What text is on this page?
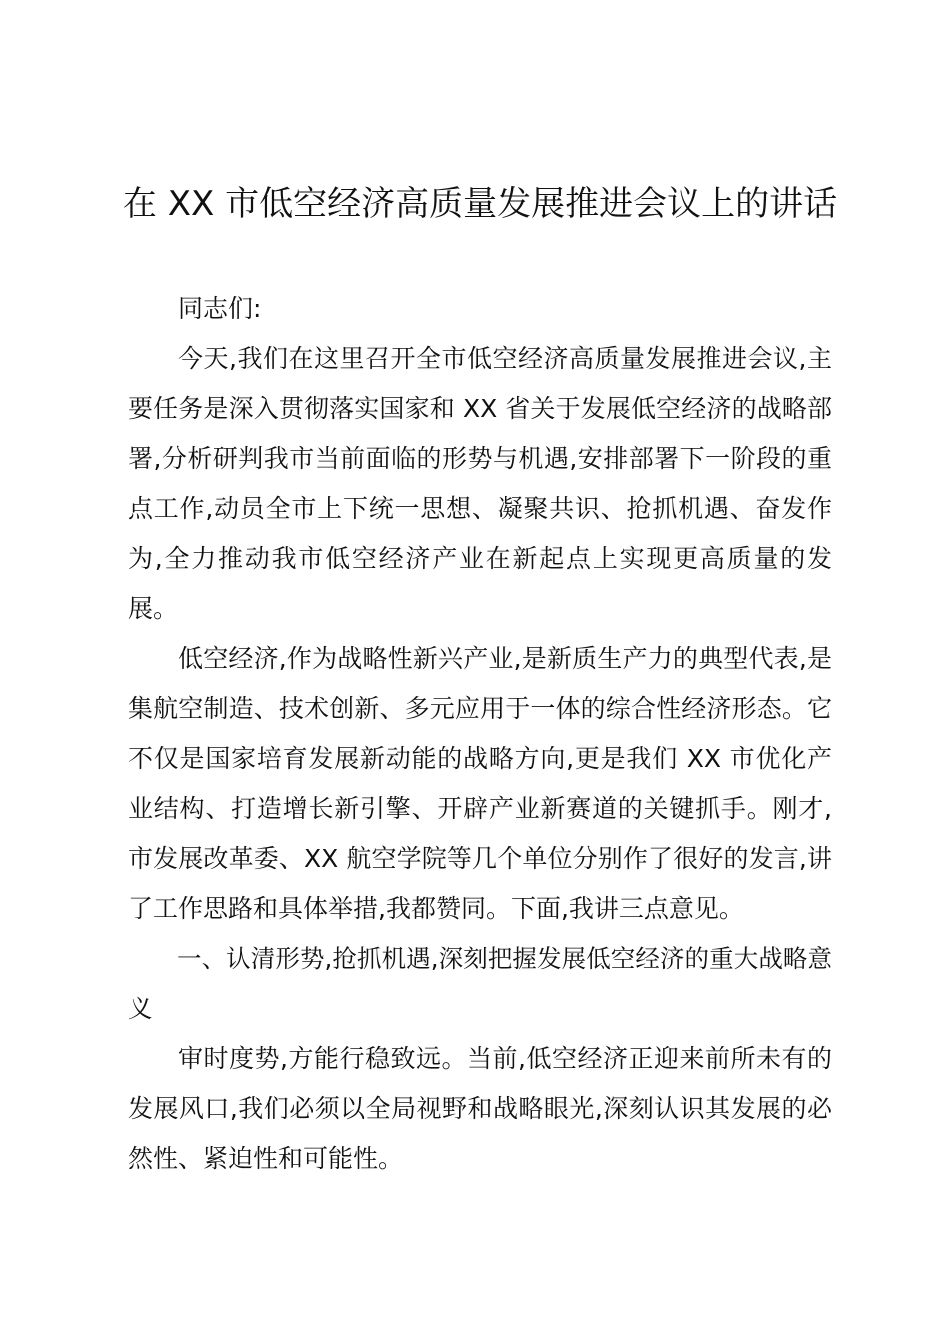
在 XX 市低空经济高质量发展推进会议上的讲话

同志们:

今天,我们在这里召开全市低空经济高质量发展推进会议,主要任务是深入贯彻落实国家和 XX 省关于发展低空经济的战略部署,分析研判我市当前面临的形势与机遇,安排部署下一阶段的重点工作,动员全市上下统一思想、凝聚共识、抢抓机遇、奋发作为,全力推动我市低空经济产业在新起点上实现更高质量的发展。

低空经济,作为战略性新兴产业,是新质生产力的典型代表,是集航空制造、技术创新、多元应用于一体的综合性经济形态。它不仅是国家培育发展新动能的战略方向,更是我们 XX 市优化产业结构、打造增长新引擎、开辟产业新赛道的关键抓手。刚才,市发展改革委、XX 航空学院等几个单位分别作了很好的发言,讲了工作思路和具体举措,我都赞同。下面,我讲三点意见。

一、认清形势,抢抓机遇,深刻把握发展低空经济的重大战略意义

审时度势,方能行稳致远。当前,低空经济正迎来前所未有的发展风口,我们必须以全局视野和战略眼光,深刻认识其发展的必然性、紧迫性和可能性。
